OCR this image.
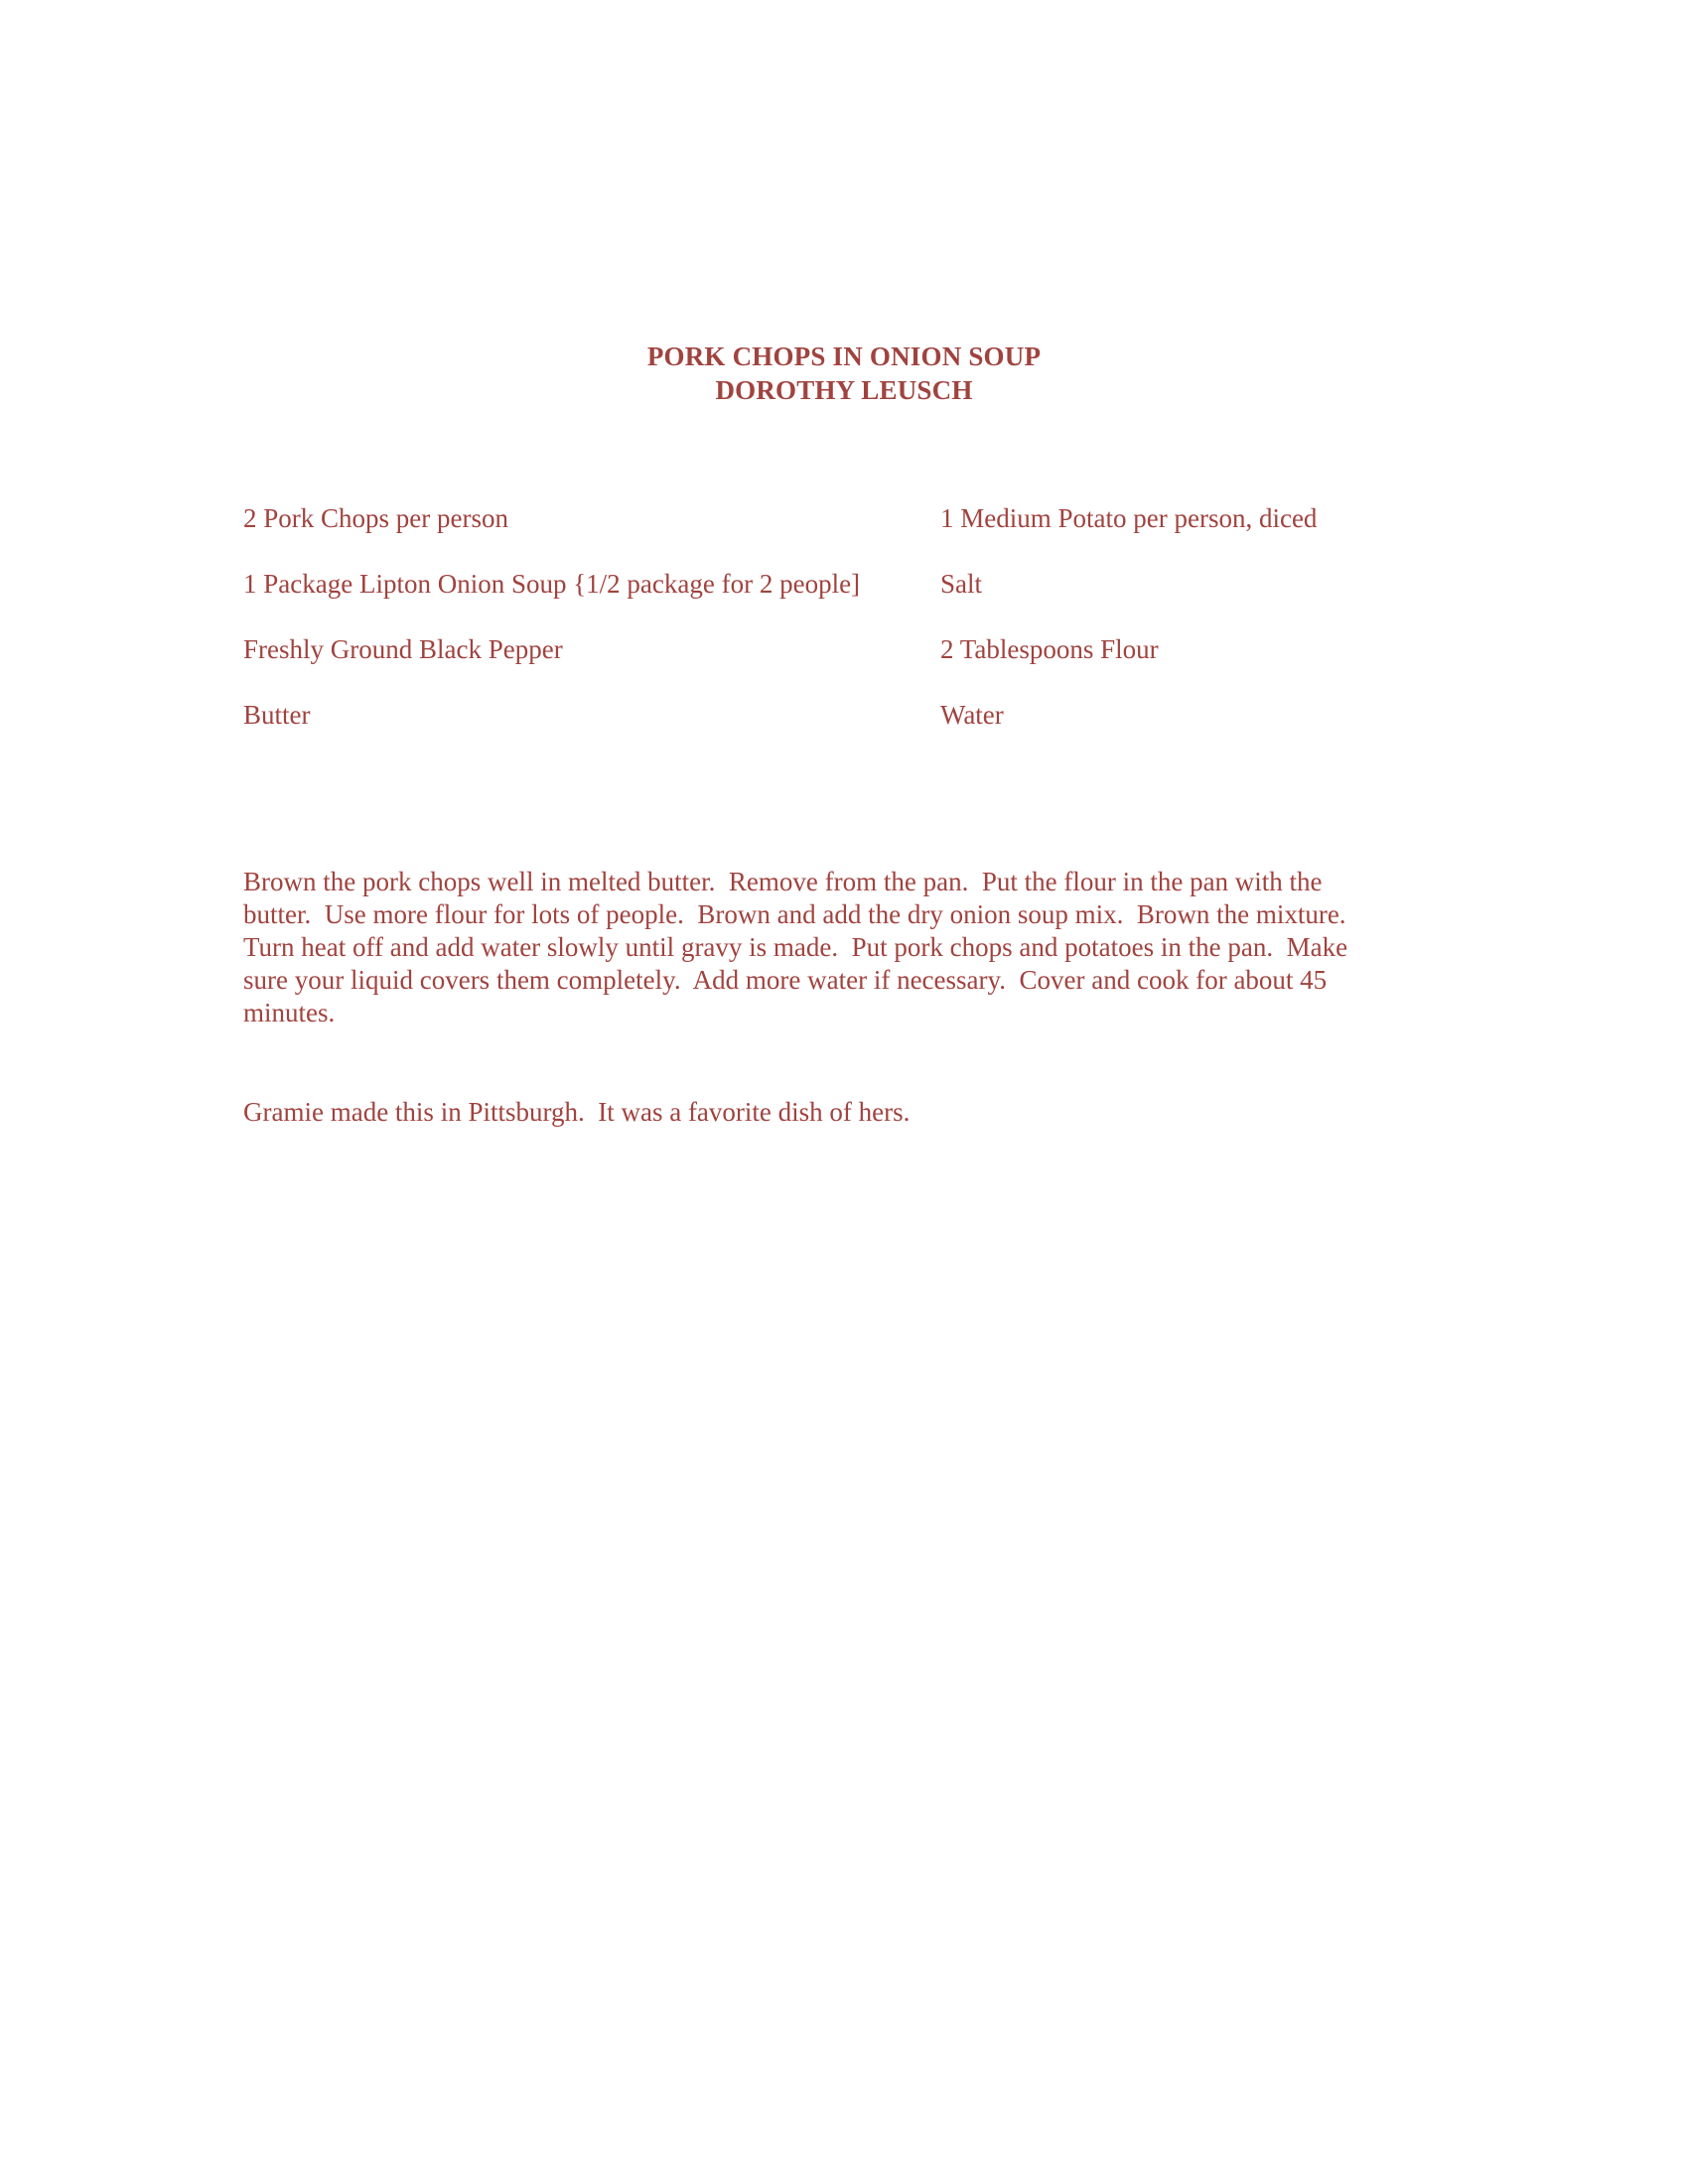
PORK CHOPS IN ONION SOUP
DOROTHY LEUSCH
2 Pork Chops per person	1 Medium Potato per person, diced
1 Package Lipton Onion Soup {1/2 package for 2 people]	Salt
Freshly Ground Black Pepper	2 Tablespoons Flour
Butter	Water
Brown the pork chops well in melted butter.  Remove from the pan.  Put the flour in the pan with the
butter.  Use more flour for lots of people.  Brown and add the dry onion soup mix.  Brown the mixture.
Turn heat off and add water slowly until gravy is made.  Put pork chops and potatoes in the pan.  Make
sure your liquid covers them completely.  Add more water if necessary.  Cover and cook for about 45
minutes.
Gramie made this in Pittsburgh.  It was a favorite dish of hers.
